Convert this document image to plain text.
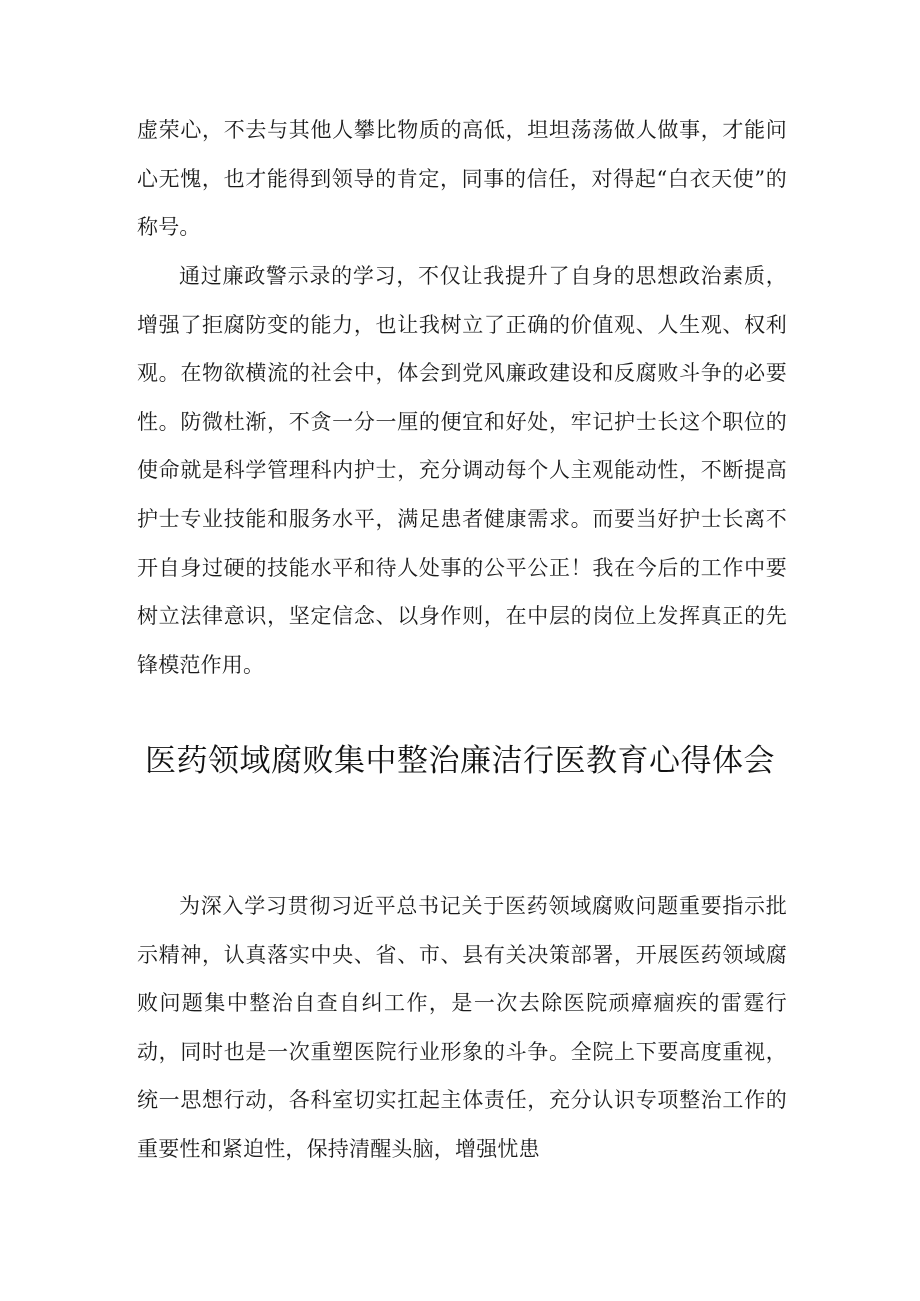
虚荣心，不去与其他人攀比物质的高低，坦坦荡荡做人做事，才能问心无愧，也才能得到领导的肯定，同事的信任，对得起“白衣天使”的称号。

通过廉政警示录的学习，不仅让我提升了自身的思想政治素质，增强了拒腐防变的能力，也让我树立了正确的价值观、人生观、权利观。在物欲横流的社会中，体会到党风廉政建设和反腐败斗争的必要性。防微杜渐，不贪一分一厘的便宜和好处，牢记护士长这个职位的使命就是科学管理科内护士，充分调动每个人主观能动性，不断提高护士专业技能和服务水平，满足患者健康需求。而要当好护士长离不开自身过硬的技能水平和待人处事的公平公正！我在今后的工作中要树立法律意识，坚定信念、以身作则，在中层的岗位上发挥真正的先锋模范作用。

医药领域腐败集中整治廉洁行医教育心得体会

为深入学习贯彻习近平总书记关于医药领域腐败问题重要指示批示精神，认真落实中央、省、市、县有关决策部署，开展医药领域腐败问题集中整治自查自纠工作，是一次去除医院顽瘴痼疾的雷霆行动，同时也是一次重塑医院行业形象的斗争。全院上下要高度重视，统一思想行动，各科室切实扛起主体责任，充分认识专项整治工作的重要性和紧迫性，保持清醒头脑，增强忧患
